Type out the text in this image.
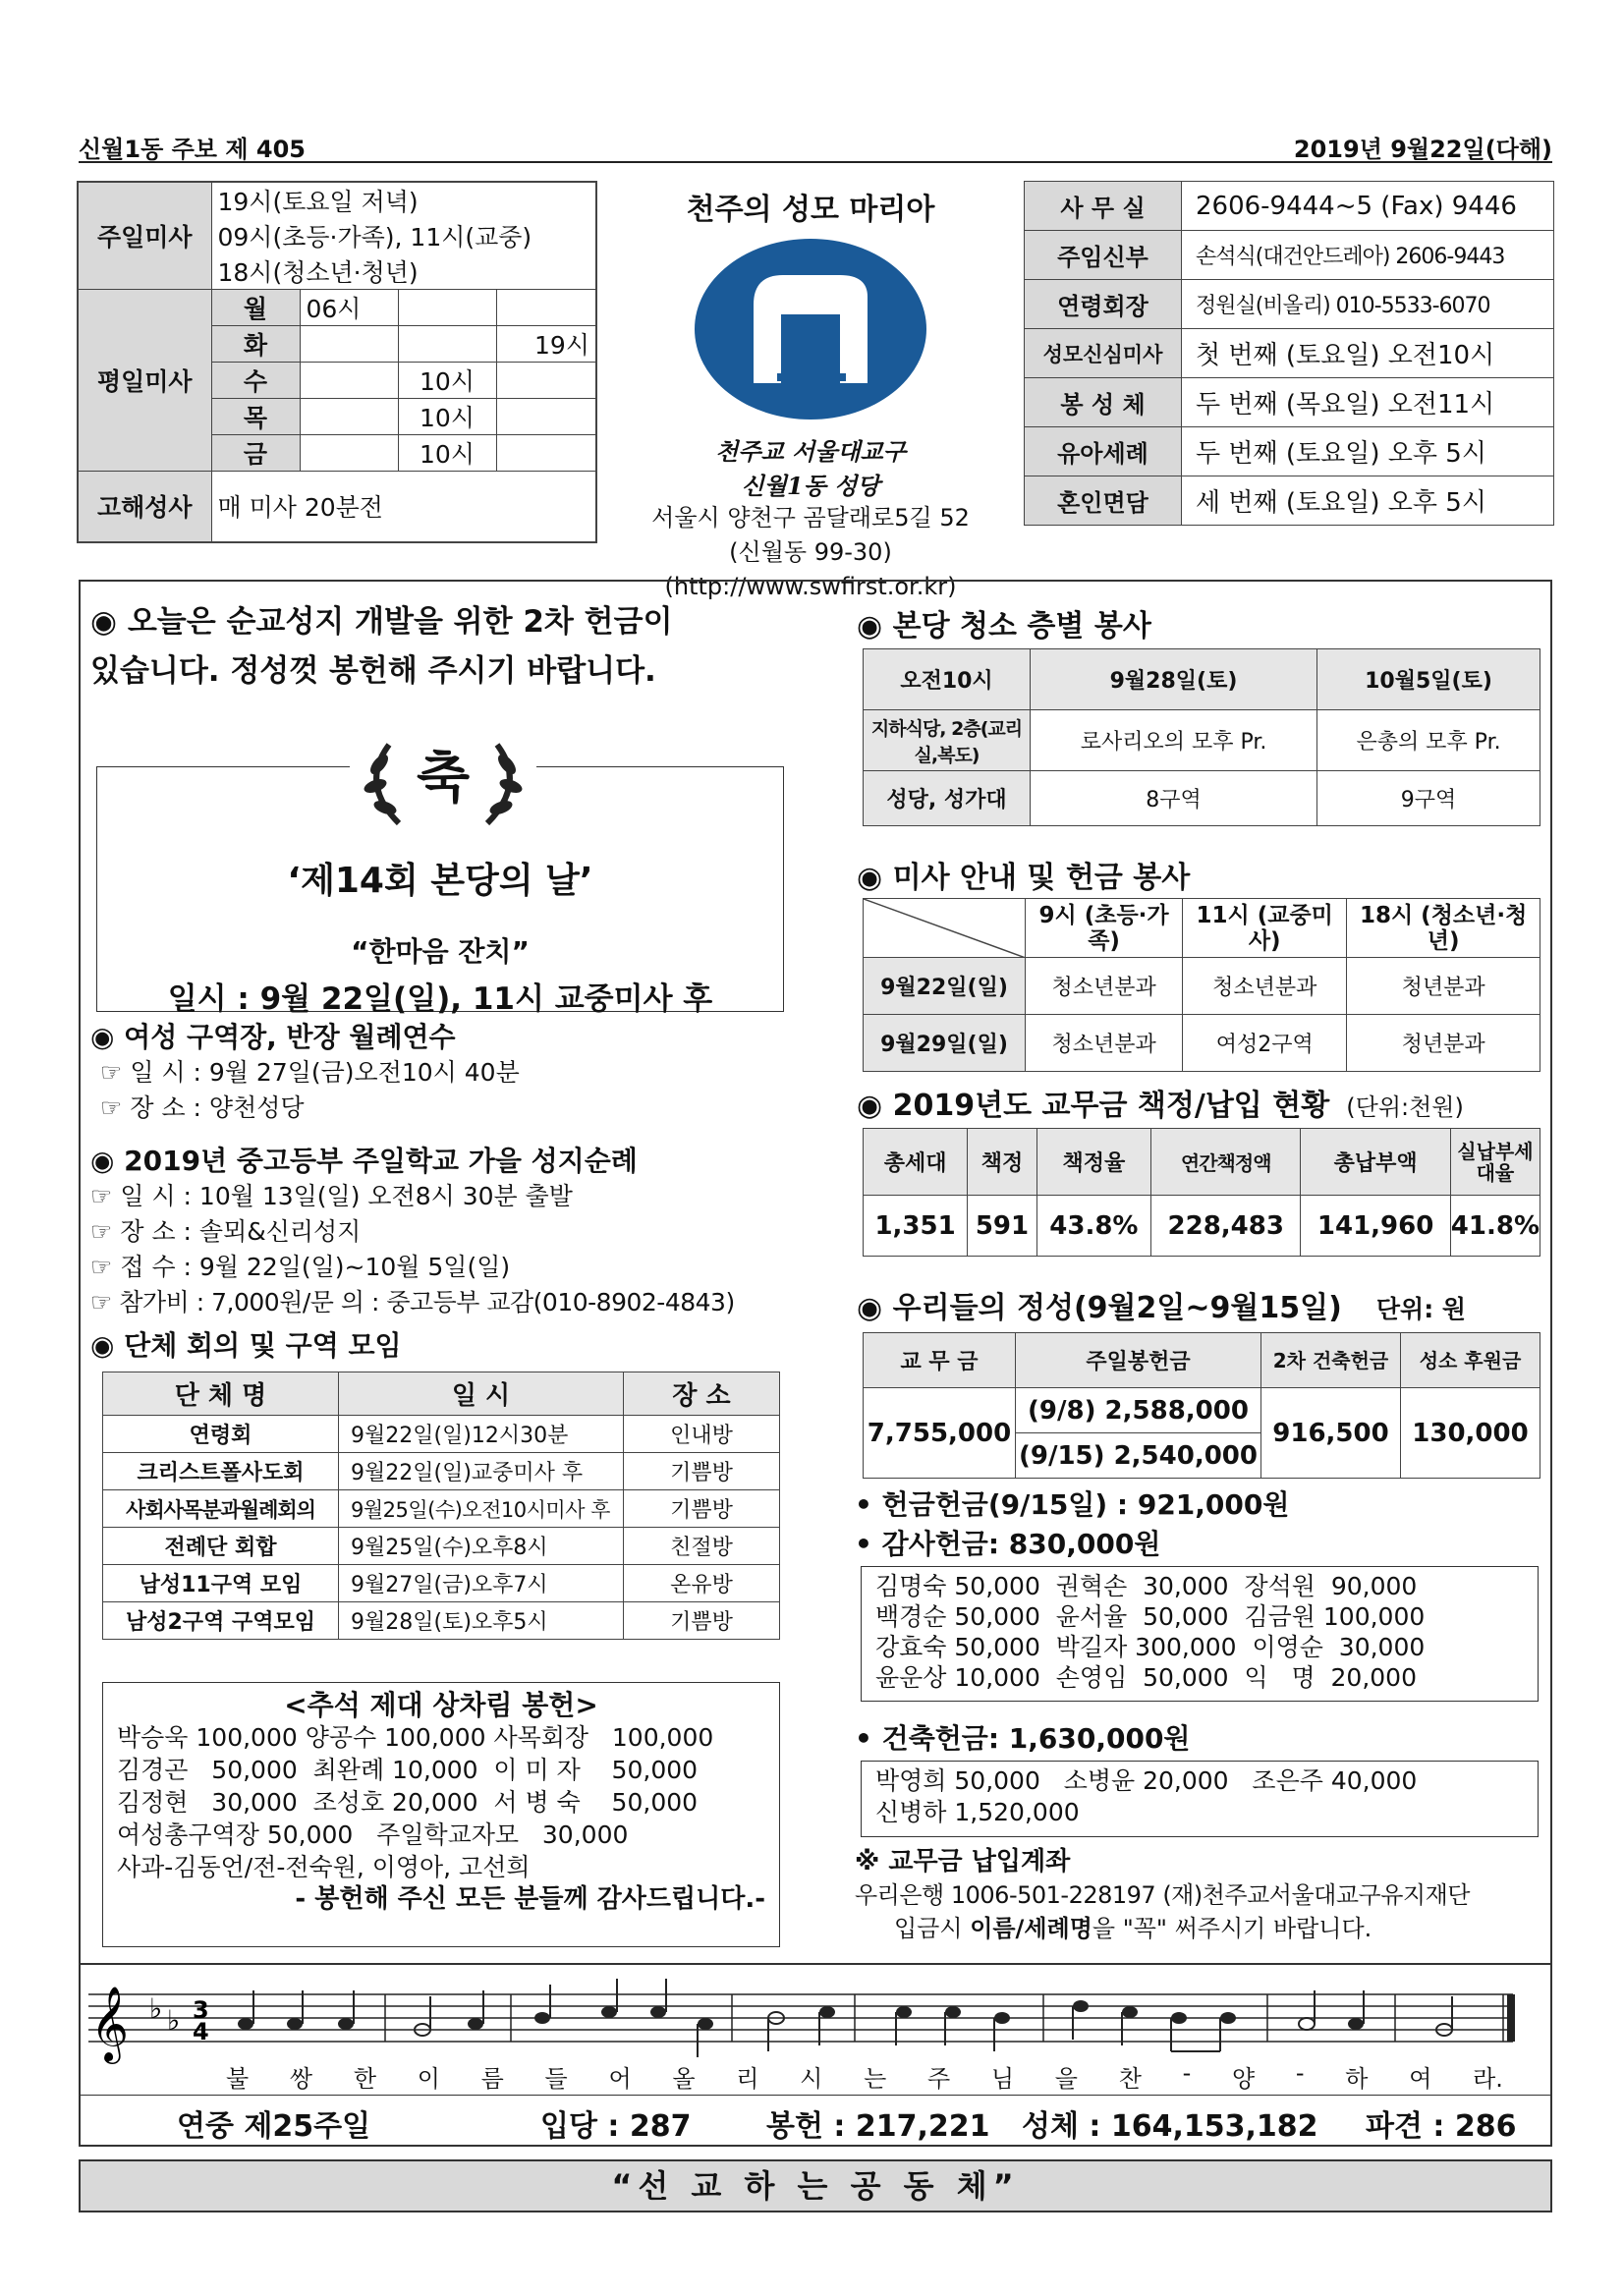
신월1동 주보 제 405	2019년 9월22일(다해)
주일미사	19시(토요일 저녁)			
	09시(초등·가족), 11시(교중)			
	18시(청소년·청년)			
평일미사	월	06시		
	화			19시
	수		10시	
	목		10시	
	금		10시	
고해성사	매 미사 20분전			
천주의 성모 마리아
천주교 서울대교구
신월1동 성당
서울시 양천구 곰달래로5길 52
(신월동 99-30)
(http://www.swfirst.or.kr)
사 무 실	2606-9444~5 (Fax) 9446
주임신부	손석식(대건안드레아) 2606-9443
연령회장	정원실(비올리) 010-5533-6070
성모신심미사	첫 번째 (토요일) 오전10시
봉 성 체	두 번째 (목요일) 오전11시
유아세례	두 번째 (토요일) 오후 5시
혼인면담	세 번째 (토요일) 오후 5시
◉ 오늘은 순교성지 개발을 위한 2차 헌금이
있습니다. 정성껏 봉헌해 주시기 바랍니다.
축
‘제14회 본당의 날’
“한마음 잔치”
일시 : 9월 22일(일), 11시 교중미사 후
◉ 여성 구역장, 반장 월례연수
☞ 일 시 : 9월 27일(금)오전10시 40분
☞ 장 소 : 양천성당
◉ 2019년 중고등부 주일학교 가을 성지순례
☞ 일 시 : 10월 13일(일) 오전8시 30분 출발
☞ 장 소 : 솔뫼&신리성지
☞ 접 수 : 9월 22일(일)~10월 5일(일)
☞ 참가비 : 7,000원/문 의 : 중고등부 교감(010-8902-4843)
◉ 단체 회의 및 구역 모임
단 체 명	일 시	장 소
연령회	9월22일(일)12시30분	인내방
크리스트폴사도회	9월22일(일)교중미사 후	기쁨방
사회사목분과월례회의	9월25일(수)오전10시미사 후	기쁨방
전례단 회합	9월25일(수)오후8시	친절방
남성11구역 모임	9월27일(금)오후7시	온유방
남성2구역 구역모임	9월28일(토)오후5시	기쁨방
<추석 제대 상차림 봉헌>
박승욱 100,000 양공수 100,000 사목회장   100,000
김경곤   50,000  최완례 10,000  이 미 자    50,000
김정현   30,000  조성호 20,000  서 병 숙    50,000
여성총구역장 50,000   주일학교자모   30,000
사과-김동언/전-전숙원, 이영아, 고선희
- 봉헌해 주신 모든 분들께 감사드립니다.-
◉ 본당 청소 층별 봉사
오전10시	9월28일(토)	10월5일(토)
지하식당, 2층(교리실,복도)	로사리오의 모후 Pr.	은총의 모후 Pr.
성당, 성가대	8구역	9구역
◉ 미사 안내 및 헌금 봉사
	9시 (초등·가족)	11시 (교중미사)	18시 (청소년·청년)
9월22일(일)	청소년분과	청소년분과	청년분과
9월29일(일)	청소년분과	여성2구역	청년분과
◉ 2019년도 교무금 책정/납입 현황 (단위:천원)
총세대	책정	책정율	연간책정액	총납부액	실납부세대율
1,351	591	43.8%	228,483	141,960	41.8%
◉ 우리들의 정성(9월2일~9월15일) 단위: 원
교 무 금	주일봉헌금	2차 건축헌금	성소 후원금
7,755,000	(9/8) 2,588,000	916,500	130,000
	(9/15) 2,540,000		
• 헌금헌금(9/15일) : 921,000원
• 감사헌금: 830,000원
김명숙 50,000  권혁손  30,000  장석원  90,000
백경순 50,000  윤서율  50,000  김금원 100,000
강효숙 50,000  박길자 300,000  이영순  30,000
윤운상 10,000  손영임  50,000  익   명  20,000
• 건축헌금: 1,630,000원
박영희 50,000   소병윤 20,000   조은주 40,000
신병하 1,520,000
※ 교무금 납입계좌
우리은행 1006-501-228197 (재)천주교서울대교구유지재단
입금시 이름/세례명을 "꼭" 써주시기 바랍니다.
𝄞 ♭ ♭ 3
4
불 쌍 한 이 름 들 어 올 리 시 는 주 님 을 찬 - 양 - 하 여 라.
연중 제25주일	입당 : 287	봉헌 : 217,221 성체 : 164,153,182 파견 : 286
“선 교 하 는 공 동 체”
